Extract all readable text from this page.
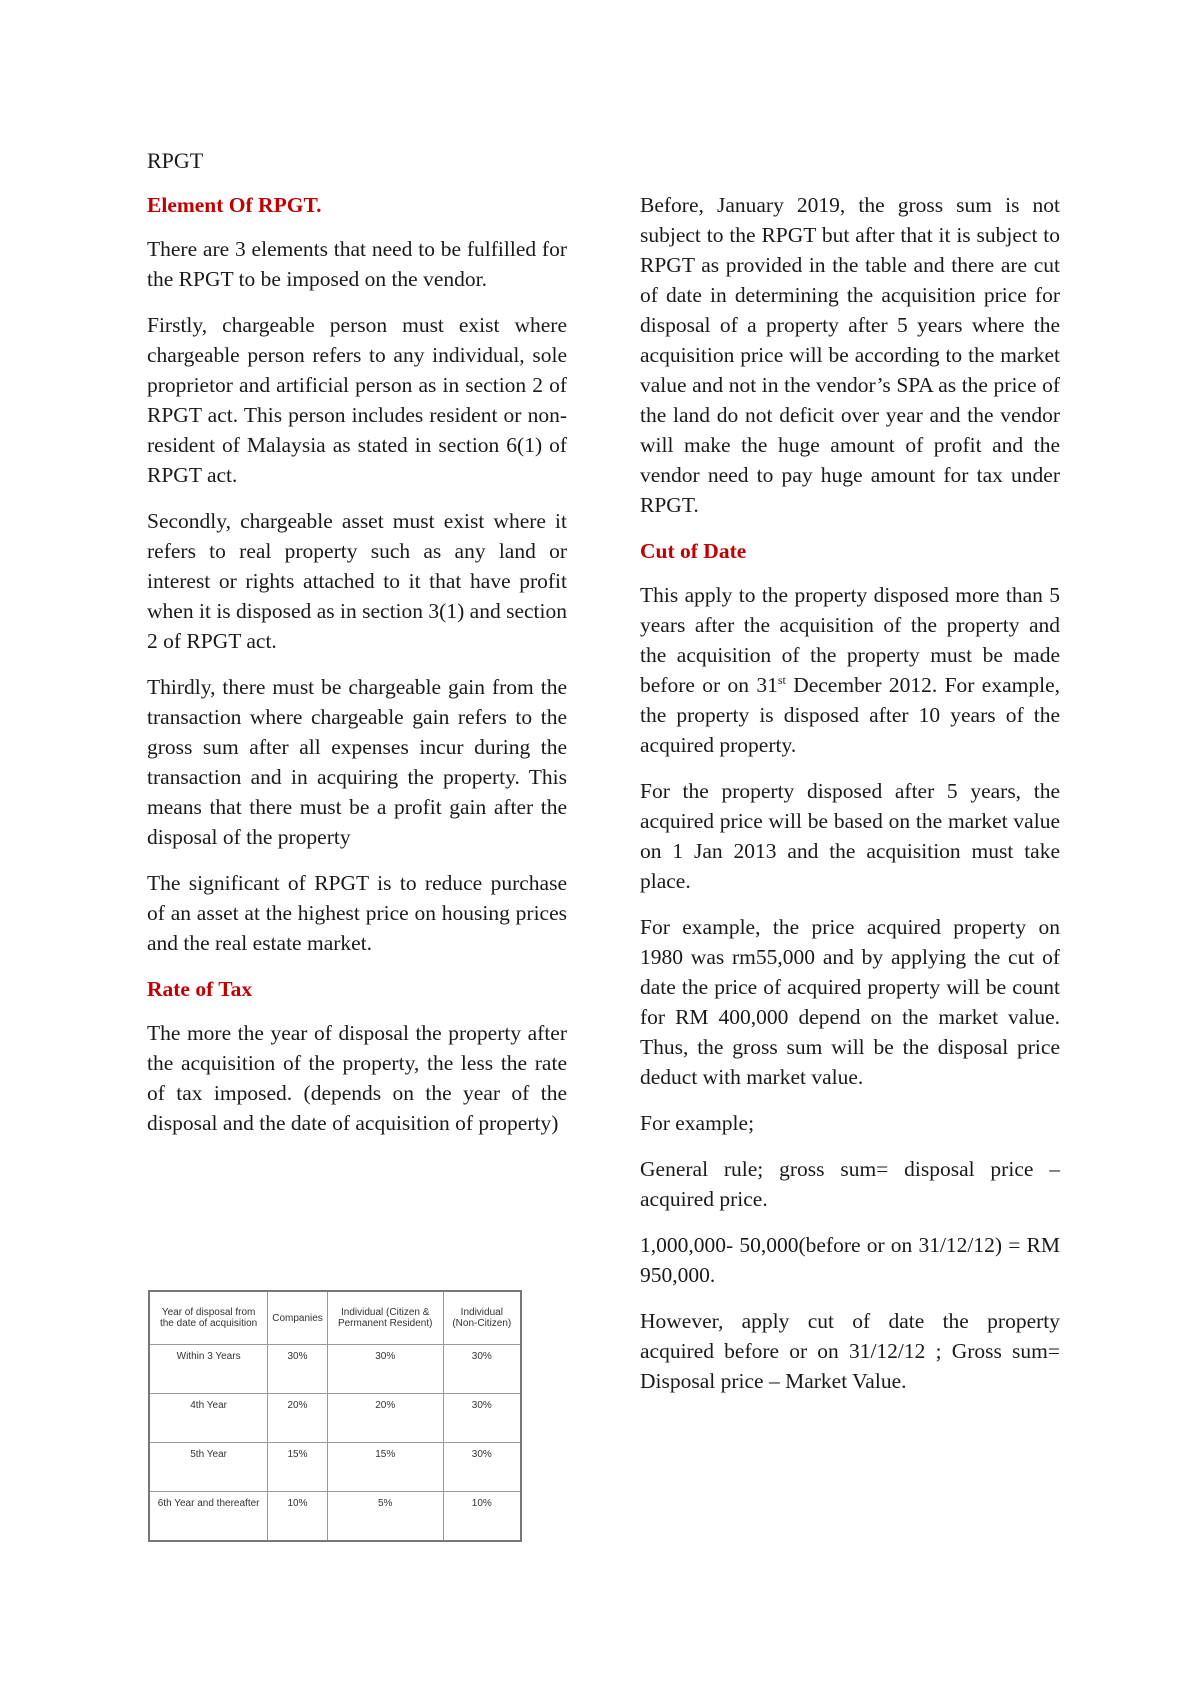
RPGT
Element Of RPGT.

There are 3 elements that need to be fulfilled for the RPGT to be imposed on the vendor.

Firstly, chargeable person must exist where chargeable person refers to any individual, sole proprietor and artificial person as in section 2 of RPGT act. This person includes resident or non-resident of Malaysia as stated in section 6(1) of RPGT act.

Secondly, chargeable asset must exist where it refers to real property such as any land or interest or rights attached to it that have profit when it is disposed as in section 3(1) and section 2 of RPGT act.

Thirdly, there must be chargeable gain from the transaction where chargeable gain refers to the gross sum after all expenses incur during the transaction and in acquiring the property. This means that there must be a profit gain after the disposal of the property

The significant of RPGT is to reduce purchase of an asset at the highest price on housing prices and the real estate market.

Rate of Tax

The more the year of disposal the property after the acquisition of the property, the less the rate of tax imposed. (depends on the year of the disposal and the date of acquisition of property)

Year of disposal from the date of acquisition	Companies	Individual (Citizen & Permanent Resident)	Individual (Non-Citizen)
Within 3 Years	30%	30%	30%
4th Year	20%	20%	30%
5th Year	15%	15%	30%
6th Year and thereafter	10%	5%	10%

Before, January 2019, the gross sum is not subject to the RPGT but after that it is subject to RPGT as provided in the table and there are cut of date in determining the acquisition price for disposal of a property after 5 years where the acquisition price will be according to the market value and not in the vendor’s SPA as the price of the land do not deficit over year and the vendor will make the huge amount of profit and the vendor need to pay huge amount for tax under RPGT.

Cut of Date

This apply to the property disposed more than 5 years after the acquisition of the property and the acquisition of the property must be made before or on 31st December 2012. For example, the property is disposed after 10 years of the acquired property.

For the property disposed after 5 years, the acquired price will be based on the market value on 1 Jan 2013 and the acquisition must take place.

For example, the price acquired property on 1980 was rm55,000 and by applying the cut of date the price of acquired property will be count for RM 400,000 depend on the market value. Thus, the gross sum will be the disposal price deduct with market value.

For example;

General rule; gross sum= disposal price – acquired price.

1,000,000- 50,000(before or on 31/12/12) = RM 950,000.

However, apply cut of date the property acquired before or on 31/12/12 ; Gross sum= Disposal price – Market Value.
